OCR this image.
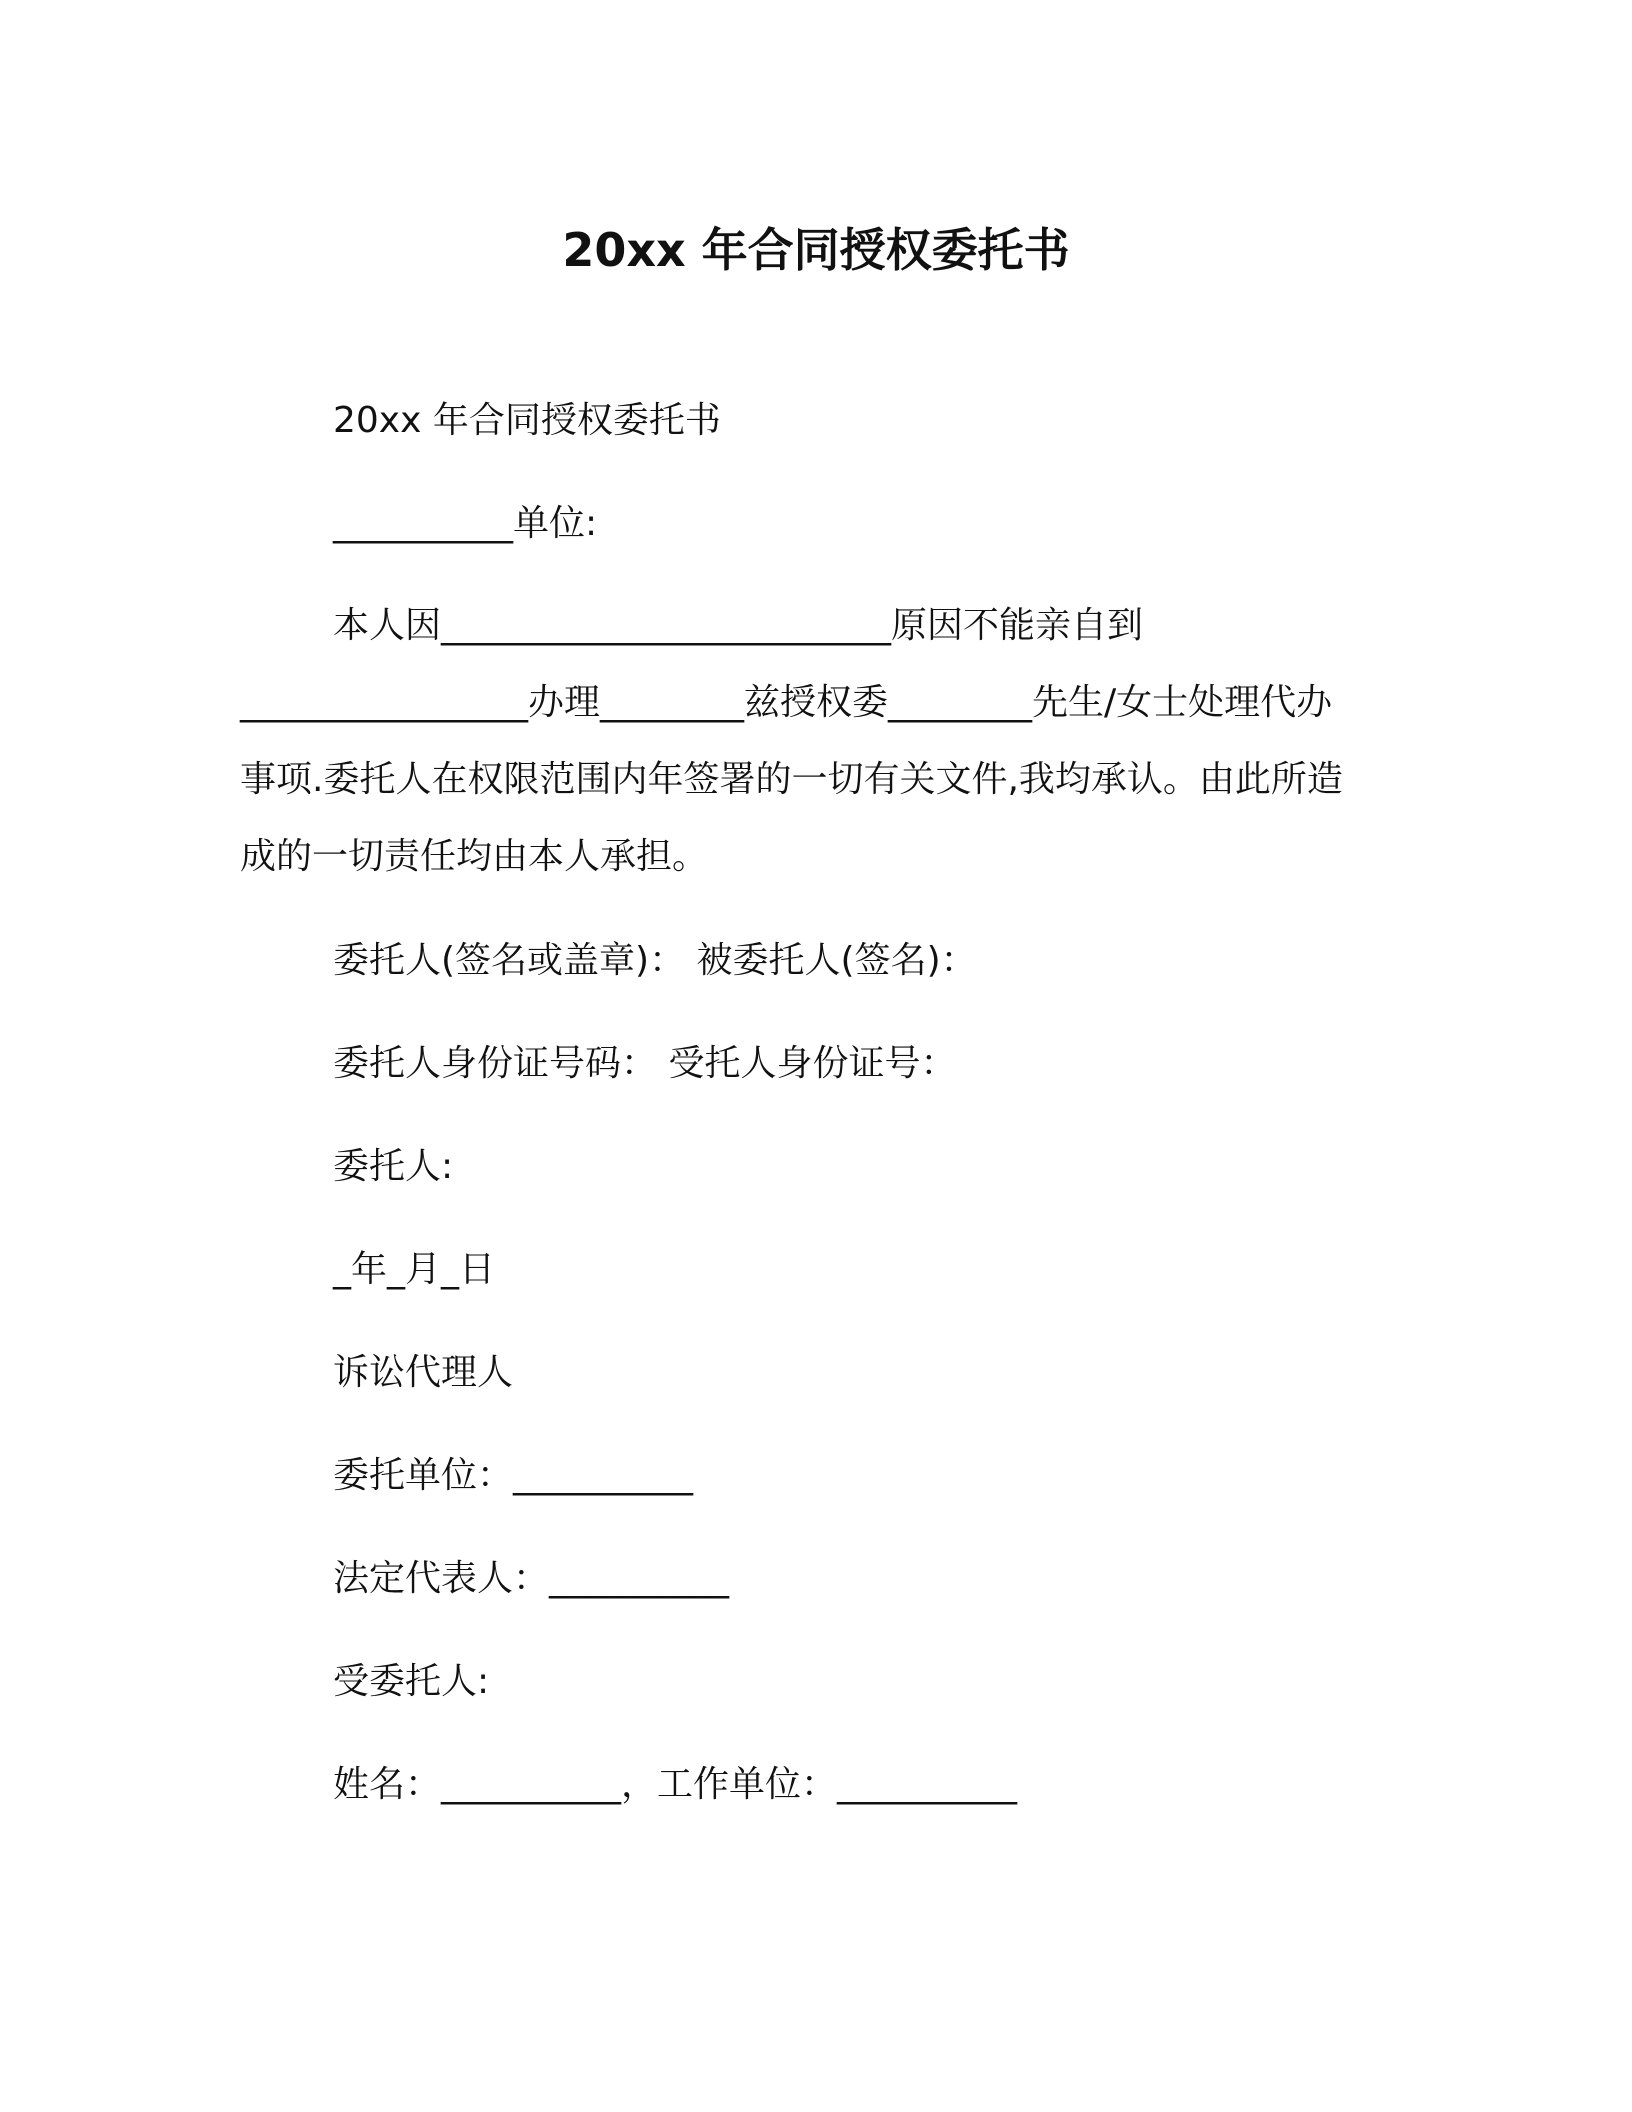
20xx 年合同授权委托书
20xx 年合同授权委托书
__________单位:
本人因_________________________原因不能亲自到
________________办理________兹授权委________先生/女士处理代办
事项.委托人在权限范围内年签署的一切有关文件,我均承认。由此所造
成的一切责任均由本人承担。
委托人(签名或盖章)： 被委托人(签名)：
委托人身份证号码： 受托人身份证号：
委托人:
_年_月_日
诉讼代理人
委托单位：__________
法定代表人：__________
受委托人:
姓名：__________，工作单位：__________
